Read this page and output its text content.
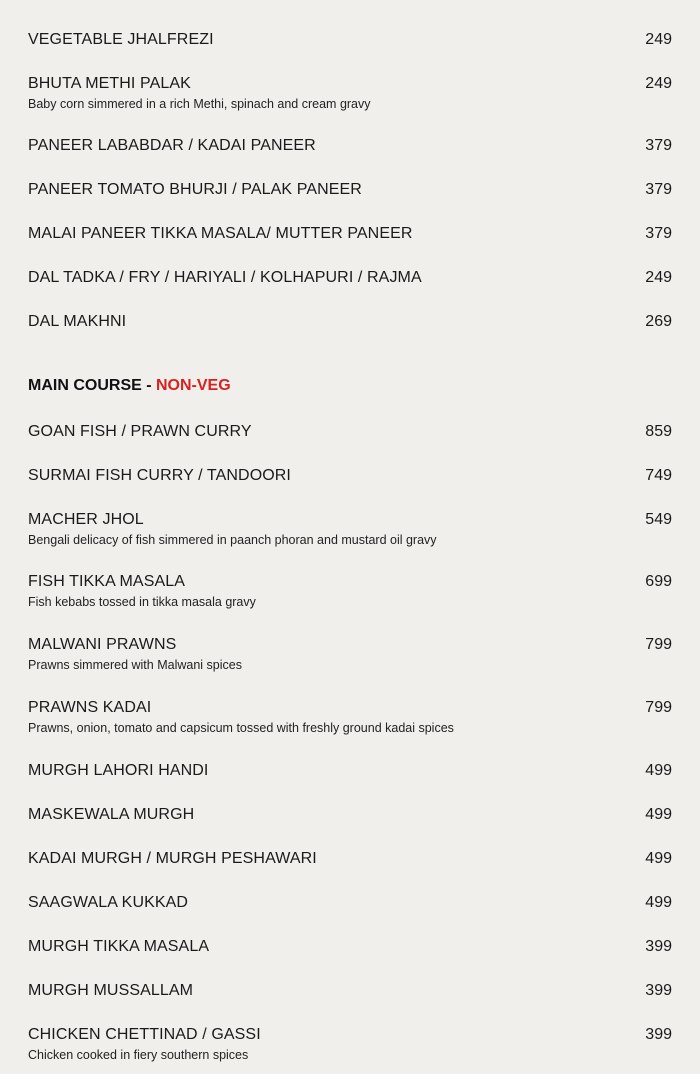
VEGETABLE JHALFREZI	249
BHUTA METHI PALAK	249
Baby corn simmered in a rich Methi, spinach and cream gravy
PANEER LABABDAR / KADAI PANEER	379
PANEER TOMATO BHURJI / PALAK PANEER	379
MALAI PANEER TIKKA MASALA/ MUTTER PANEER	379
DAL TADKA / FRY / HARIYALI / KOLHAPURI / RAJMA	249
DAL MAKHNI	269
MAIN COURSE - NON-VEG
GOAN FISH / PRAWN CURRY	859
SURMAI FISH CURRY / TANDOORI	749
MACHER JHOL	549
Bengali delicacy of fish simmered in paanch phoran and mustard oil gravy
FISH TIKKA MASALA	699
Fish kebabs tossed in tikka masala gravy
MALWANI PRAWNS	799
Prawns simmered with Malwani spices
PRAWNS KADAI	799
Prawns, onion, tomato and capsicum tossed with freshly ground kadai spices
MURGH LAHORI HANDI	499
MASKEWALA MURGH	499
KADAI MURGH / MURGH PESHAWARI	499
SAAGWALA KUKKAD	499
MURGH TIKKA MASALA	399
MURGH MUSSALLAM	399
CHICKEN CHETTINAD / GASSI	399
Chicken cooked in fiery southern spices
